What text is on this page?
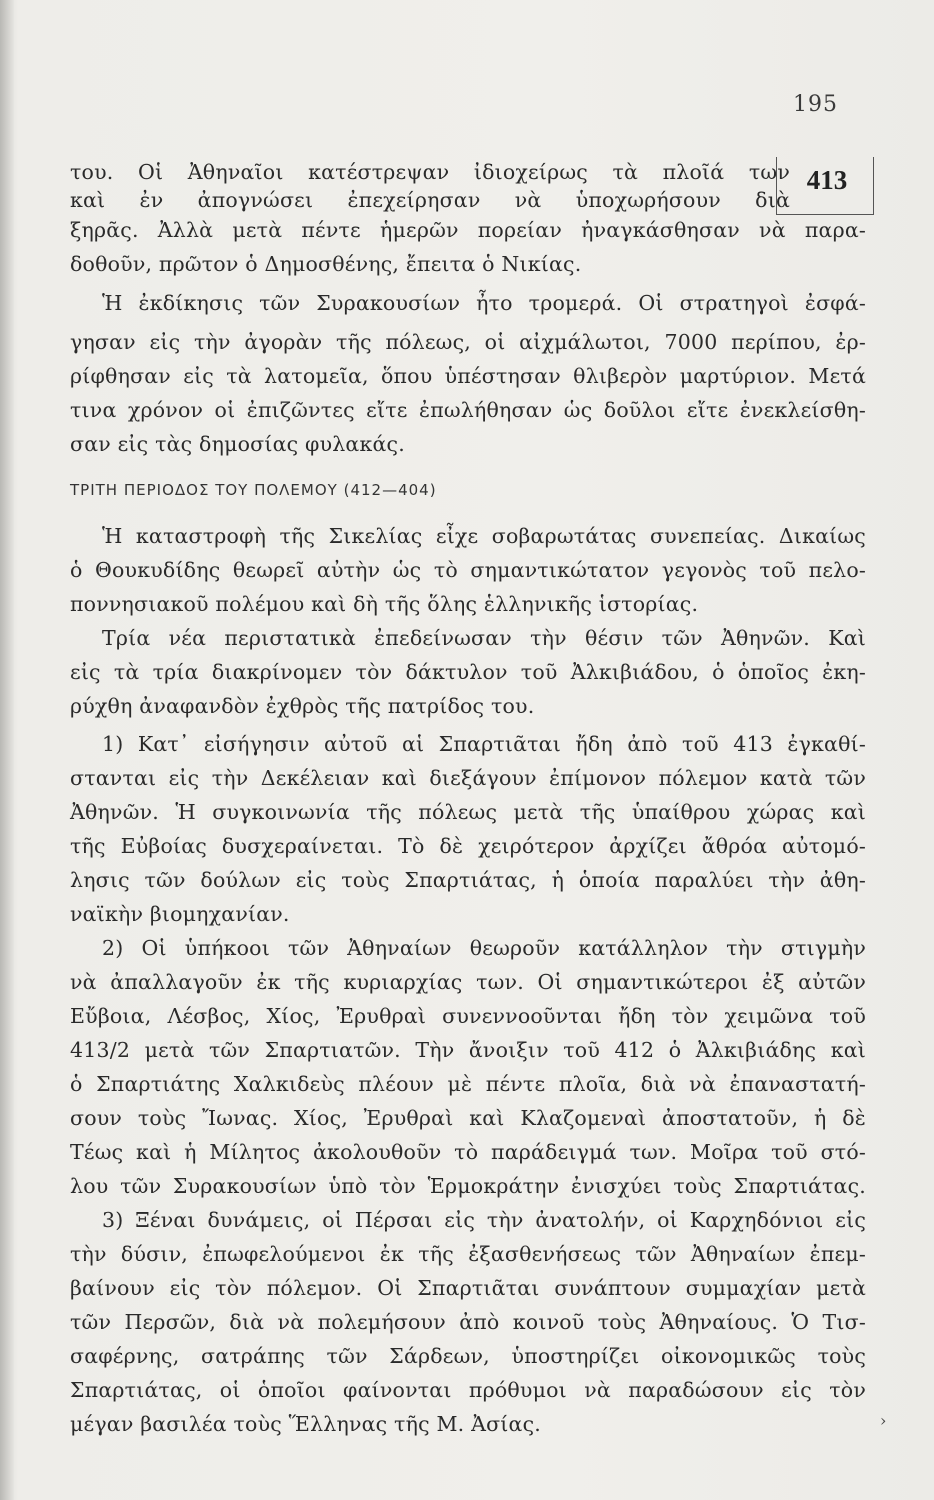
195
413
του. Οἱ Ἀθηναῖοι κατέστρεψαν ἰδιοχείρως τὰ πλοῖά των
καὶ ἐν ἀπογνώσει ἐπεχείρησαν νὰ ὑποχωρήσουν διὰ
ξηρᾶς. Ἀλλὰ μετὰ πέντε ἡμερῶν πορείαν ἠναγκάσθησαν νὰ παρα-
δοθοῦν, πρῶτον ὁ Δημοσθένης, ἔπειτα ὁ Νικίας.
Ἡ ἐκδίκησις τῶν Συρακουσίων ἦτο τρομερά. Οἱ στρατηγοὶ ἐσφά-
γησαν εἰς τὴν ἀγορὰν τῆς πόλεως, οἱ αἰχμάλωτοι, 7000 περίπου, ἐρ-
ρίφθησαν εἰς τὰ λατομεῖα, ὅπου ὑπέστησαν θλιβερὸν μαρτύριον. Μετά
τινα χρόνον οἱ ἐπιζῶντες εἴτε ἐπωλήθησαν ὡς δοῦλοι εἴτε ἐνεκλείσθη-
σαν εἰς τὰς δημοσίας φυλακάς.
ΤΡΙΤΗ ΠΕΡΙΟΔΟΣ ΤΟΥ ΠΟΛΕΜΟΥ (412—404)
Ἡ καταστροφὴ τῆς Σικελίας εἶχε σοβαρωτάτας συνεπείας. Δικαίως
ὁ Θουκυδίδης θεωρεῖ αὐτὴν ὡς τὸ σημαντικώτατον γεγονὸς τοῦ πελο-
ποννησιακοῦ πολέμου καὶ δὴ τῆς ὅλης ἑλληνικῆς ἱστορίας.
Τρία νέα περιστατικὰ ἐπεδείνωσαν τὴν θέσιν τῶν Ἀθηνῶν. Καὶ
εἰς τὰ τρία διακρίνομεν τὸν δάκτυλον τοῦ Ἀλκιβιάδου, ὁ ὁποῖος ἐκη-
ρύχθη ἀναφανδὸν ἐχθρὸς τῆς πατρίδος του.
1) Κατ᾽ εἰσήγησιν αὐτοῦ αἱ Σπαρτιᾶται ἤδη ἀπὸ τοῦ 413 ἐγκαθί-
στανται εἰς τὴν Δεκέλειαν καὶ διεξάγουν ἐπίμονον πόλεμον κατὰ τῶν
Ἀθηνῶν. Ἡ συγκοινωνία τῆς πόλεως μετὰ τῆς ὑπαίθρου χώρας καὶ
τῆς Εὐβοίας δυσχεραίνεται. Τὸ δὲ χειρότερον ἀρχίζει ἄθρόα αὐτομό-
λησις τῶν δούλων εἰς τοὺς Σπαρτιάτας, ἡ ὁποία παραλύει τὴν ἀθη-
ναϊκὴν βιομηχανίαν.
2) Οἱ ὑπήκοοι τῶν Ἀθηναίων θεωροῦν κατάλληλον τὴν στιγμὴν
νὰ ἀπαλλαγοῦν ἐκ τῆς κυριαρχίας των. Οἱ σημαντικώτεροι ἐξ αὐτῶν
Εὔβοια, Λέσβος, Χίος, Ἐρυθραὶ συνεννοοῦνται ἤδη τὸν χειμῶνα τοῦ
413/2 μετὰ τῶν Σπαρτιατῶν. Τὴν ἄνοιξιν τοῦ 412 ὁ Ἀλκιβιάδης καὶ
ὁ Σπαρτιάτης Χαλκιδεὺς πλέουν μὲ πέντε πλοῖα, διὰ νὰ ἐπαναστατή-
σουν τοὺς Ἴωνας. Χίος, Ἐρυθραὶ καὶ Κλαζομεναὶ ἀποστατοῦν, ἡ δὲ
Τέως καὶ ἡ Μίλητος ἀκολουθοῦν τὸ παράδειγμά των. Μοῖρα τοῦ στό-
λου τῶν Συρακουσίων ὑπὸ τὸν Ἑρμοκράτην ἐνισχύει τοὺς Σπαρτιάτας.
3) Ξέναι δυνάμεις, οἱ Πέρσαι εἰς τὴν ἀνατολήν, οἱ Καρχηδόνιοι εἰς
τὴν δύσιν, ἐπωφελούμενοι ἐκ τῆς ἐξασθενήσεως τῶν Ἀθηναίων ἐπεμ-
βαίνουν εἰς τὸν πόλεμον. Οἱ Σπαρτιᾶται συνάπτουν συμμαχίαν μετὰ
τῶν Περσῶν, διὰ νὰ πολεμήσουν ἀπὸ κοινοῦ τοὺς Ἀθηναίους. Ὁ Τισ-
σαφέρνης, σατράπης τῶν Σάρδεων, ὑποστηρίζει οἰκονομικῶς τοὺς
Σπαρτιάτας, οἱ ὁποῖοι φαίνονται πρόθυμοι νὰ παραδώσουν εἰς τὸν
μέγαν βασιλέα τοὺς Ἕλληνας τῆς Μ. Ἀσίας.	›
